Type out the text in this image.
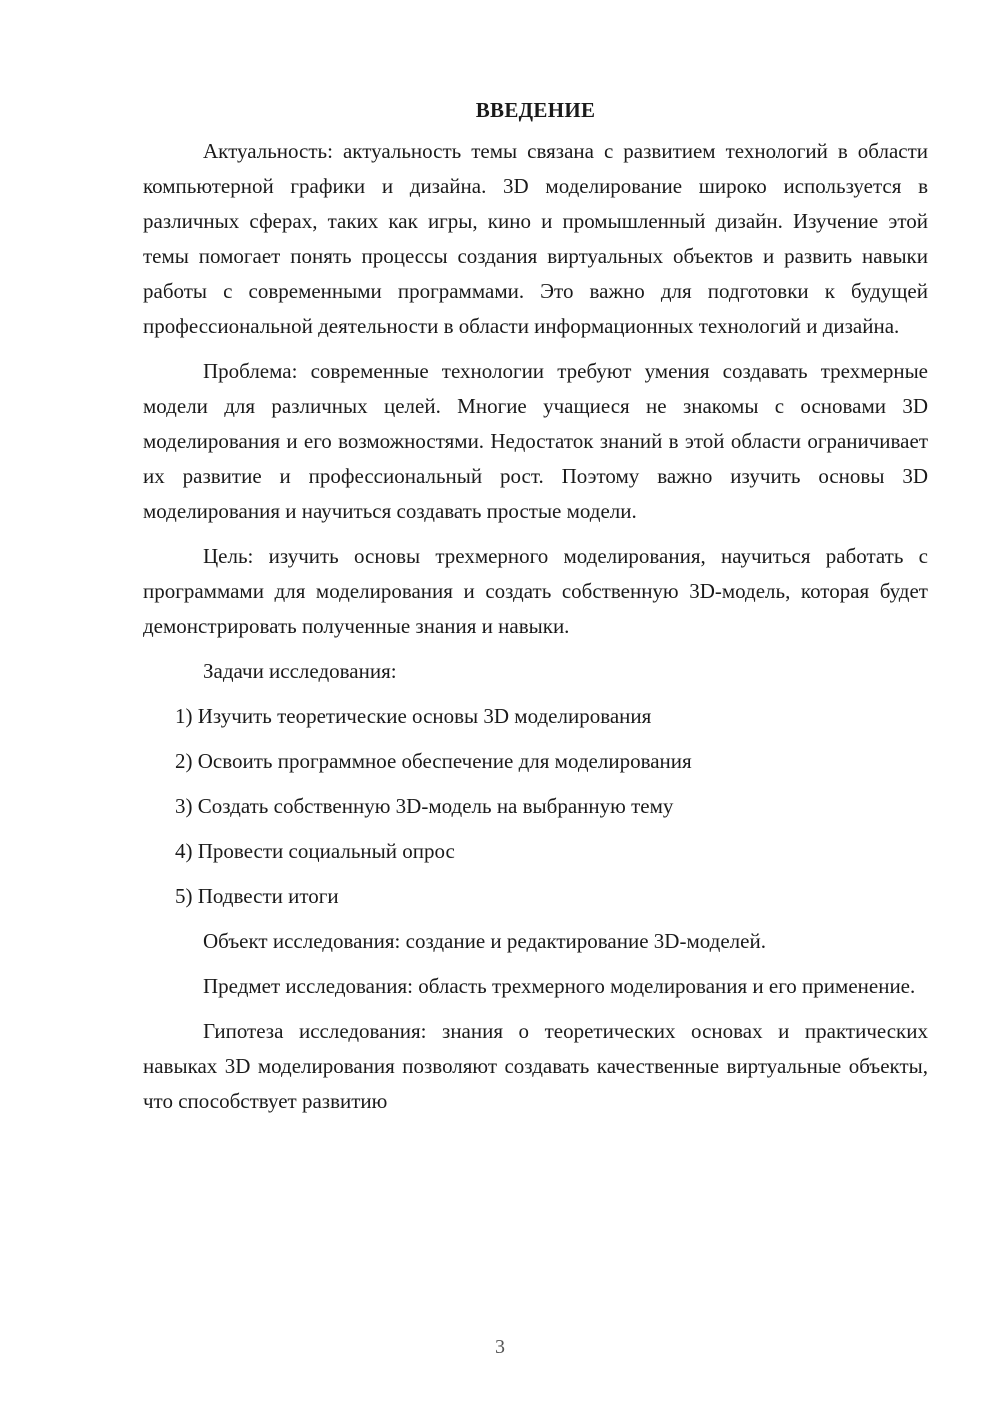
ВВЕДЕНИЕ

Актуальность: актуальность темы связана с развитием технологий в области компьютерной графики и дизайна. 3D моделирование широко используется в различных сферах, таких как игры, кино и промышленный дизайн. Изучение этой темы помогает понять процессы создания виртуальных объектов и развить навыки работы с современными программами. Это важно для подготовки к будущей профессиональной деятельности в области информационных технологий и дизайна.

Проблема: современные технологии требуют умения создавать трехмерные модели для различных целей. Многие учащиеся не знакомы с основами 3D моделирования и его возможностями. Недостаток знаний в этой области ограничивает их развитие и профессиональный рост. Поэтому важно изучить основы 3D моделирования и научиться создавать простые модели.

Цель: изучить основы трехмерного моделирования, научиться работать с программами для моделирования и создать собственную 3D-модель, которая будет демонстрировать полученные знания и навыки.

Задачи исследования:

1) Изучить теоретические основы 3D моделирования
2) Освоить программное обеспечение для моделирования
3) Создать собственную 3D-модель на выбранную тему
4) Провести социальный опрос
5) Подвести итоги

Объект исследования: создание и редактирование 3D-моделей.

Предмет исследования: область трехмерного моделирования и его применение.

Гипотеза исследования: знания о теоретических основах и практических навыках 3D моделирования позволяют создавать качественные виртуальные объекты, что способствует развитию

3
